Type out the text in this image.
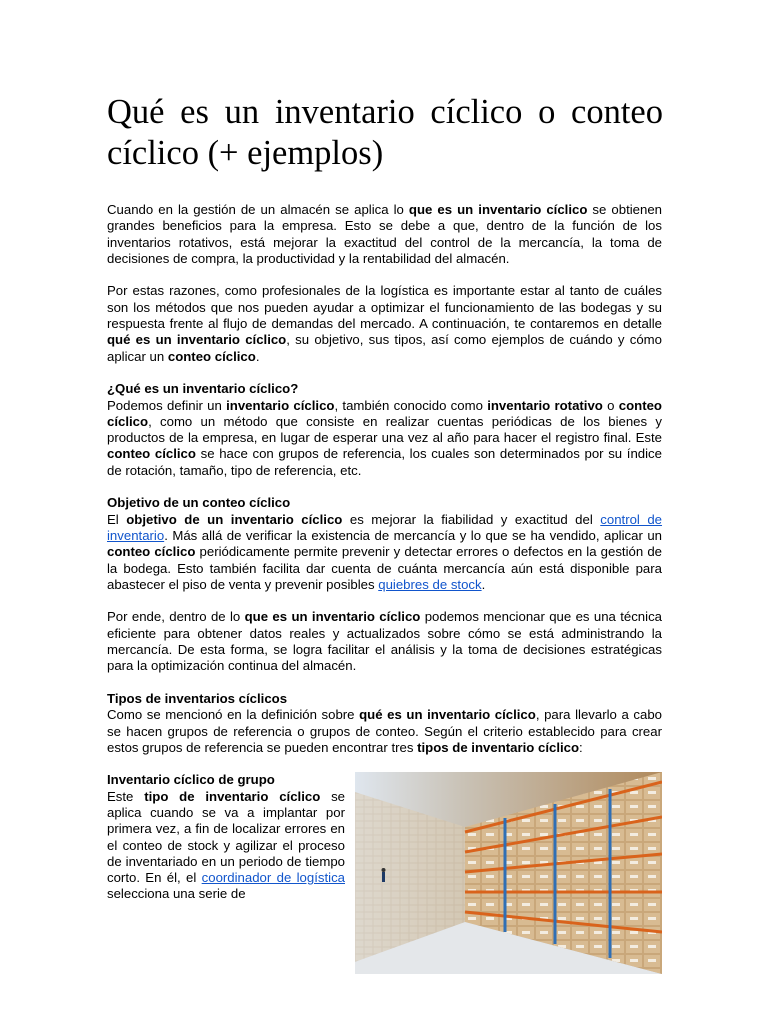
Qué es un inventario cíclico o conteo cíclico (+ ejemplos)

Cuando en la gestión de un almacén se aplica lo que es un inventario cíclico se obtienen grandes beneficios para la empresa. Esto se debe a que, dentro de la función de los inventarios rotativos, está mejorar la exactitud del control de la mercancía, la toma de decisiones de compra, la productividad y la rentabilidad del almacén.

Por estas razones, como profesionales de la logística es importante estar al tanto de cuáles son los métodos que nos pueden ayudar a optimizar el funcionamiento de las bodegas y su respuesta frente al flujo de demandas del mercado. A continuación, te contaremos en detalle qué es un inventario cíclico, su objetivo, sus tipos, así como ejemplos de cuándo y cómo aplicar un conteo cíclico.

¿Qué es un inventario cíclico?
Podemos definir un inventario cíclico, también conocido como inventario rotativo o conteo cíclico, como un método que consiste en realizar cuentas periódicas de los bienes y productos de la empresa, en lugar de esperar una vez al año para hacer el registro final. Este conteo cíclico se hace con grupos de referencia, los cuales son determinados por su índice de rotación, tamaño, tipo de referencia, etc.

Objetivo de un conteo cíclico
El objetivo de un inventario cíclico es mejorar la fiabilidad y exactitud del control de inventario. Más allá de verificar la existencia de mercancía y lo que se ha vendido, aplicar un conteo cíclico periódicamente permite prevenir y detectar errores o defectos en la gestión de la bodega. Esto también facilita dar cuenta de cuánta mercancía aún está disponible para abastecer el piso de venta y prevenir posibles quiebres de stock.

Por ende, dentro de lo que es un inventario cíclico podemos mencionar que es una técnica eficiente para obtener datos reales y actualizados sobre cómo se está administrando la mercancía. De esta forma, se logra facilitar el análisis y la toma de decisiones estratégicas para la optimización continua del almacén.

Tipos de inventarios cíclicos
Como se mencionó en la definición sobre qué es un inventario cíclico, para llevarlo a cabo se hacen grupos de referencia o grupos de conteo. Según el criterio establecido para crear estos grupos de referencia se pueden encontrar tres tipos de inventario cíclico:

Inventario cíclico de grupo
Este tipo de inventario cíclico se aplica cuando se va a implantar por primera vez, a fin de localizar errores en el conteo de stock y agilizar el proceso de inventariado en un periodo de tiempo corto. En él, el coordinador de logística selecciona una serie de
